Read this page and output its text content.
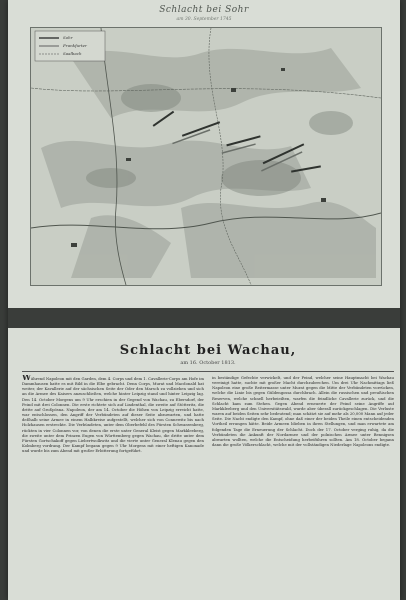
Schlacht bei Sohr
am 30. September 1745
Sohr
Frankfurter
Saalbach
Schlacht bei Wachau,
am 16. October 1813.
Während Napoleon mit den Garden, dem 4. Corps und dem 1. Cavallerie-Corps am Hofe im Dammhausen hatte es mit Bild in die Elbe gebracht. Denn Corps, Murat und Macdonald hat weiter, der Kavallerie auf der sächsischen Seite der Oder den Marsch zu vollziehen und sich an die Armee des Kaisers anzuschließen, welche hinter Leipzig stand und hinter Leipzig lag. Den 14. October Morgens um 9 Uhr erschien in der Gegend von Wachau, zu Ebersdorf, der Feind mit drei Colonnen. Die erste richtete sich auf Lindenthal, die zweite auf Stötteritz, die dritte auf Großpösna. Napoleon, der am 14. October die Höhen von Leipzig erreicht hatte, war entschlossen, den Angriff der Verbündeten auf dieser Seite abzuwarten, und hatte deßhalb seine Armee in einem Halbkreise aufgestellt, welcher sich von Connewitz bis nach Holzhausen erstreckte. Die Verbündeten, unter dem Oberbefehl des Fürsten Schwarzenberg, rückten in vier Colonnen vor, von denen die erste unter General Kleist gegen Markkleeberg, die zweite unter dem Prinzen Eugen von Württemberg gegen Wachau, die dritte unter dem Fürsten Gortschakoff gegen Liebertwolkwitz und die vierte unter General Klenau gegen den Kolmberg vordrang. Der Kampf begann gegen 9 Uhr Morgens mit einer heftigen Kanonade und wurde bis zum Abend mit großer Erbitterung fortgeführt.
in beständige Gefechte verwickelt, und der Feind, welcher seine Hauptmacht bei Wachau vereinigt hatte, suchte mit großer Macht durchzubrechen. Um drei Uhr Nachmittags ließ Napoleon eine große Reitermasse unter Murat gegen die Mitte der Verbündeten vorrücken, welche die Linie bis gegen Güldengossa durchbrach. Allein die russischen und preußischen Reserven, welche schnell herbeieilten, warfen die feindliche Cavallerie zurück, und die Schlacht kam zum Stehen. Gegen Abend erneuerte der Feind seine Angriffe auf Markkleeberg und den Universitätswald, wurde aber überall zurückgeschlagen. Die Verluste waren auf beiden Seiten sehr bedeutend; man schätzt sie auf mehr als 20,000 Mann auf jeder Seite. Die Nacht endigte den Kampf, ohne daß einer der beiden Theile einen entscheidenden Vortheil errungen hätte. Beide Armeen blieben in ihren Stellungen, und man erwartete am folgenden Tage die Erneuerung der Schlacht. Doch der 17. October verging ruhig, da die Verbündeten die Ankunft der Nordarmee und der polnischen Armee unter Bennigsen abwarten wollten, welche die Entscheidung herbeiführen sollten. Am 18. October begann dann die große Völkerschlacht, welche mit der vollständigen Niederlage Napoleons endigte.
